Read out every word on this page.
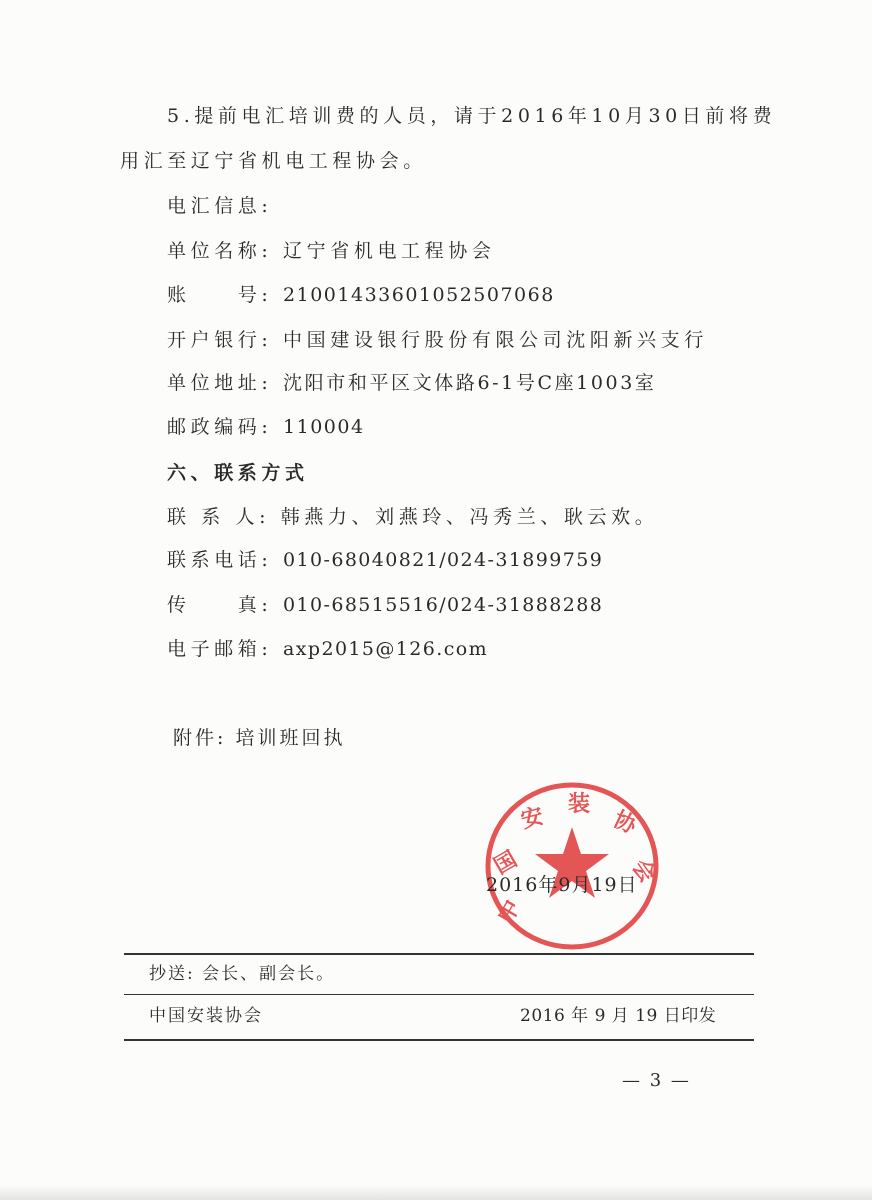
5.提前电汇培训费的人员，请于2016年10月30日前将费
用汇至辽宁省机电工程协会。
电汇信息:
单位名称: 辽宁省机电工程协会
账　　号: 21001433601052507068
开户银行: 中国建设银行股份有限公司沈阳新兴支行
单位地址: 沈阳市和平区文体路6-1号C座1003室
邮政编码: 110004
六、联系方式
联 系 人: 韩燕力、刘燕玲、冯秀兰、耿云欢。
联系电话: 010-68040821/024-31899759
传　　真: 010-68515516/024-31888288
电子邮箱: axp2015@126.com
附件: 培训班回执
中
国
安 装
协
会
2016年9月19日
抄送: 会长、副会长。
中国安装协会	2016 年 9 月 19 日印发
— 3 —
